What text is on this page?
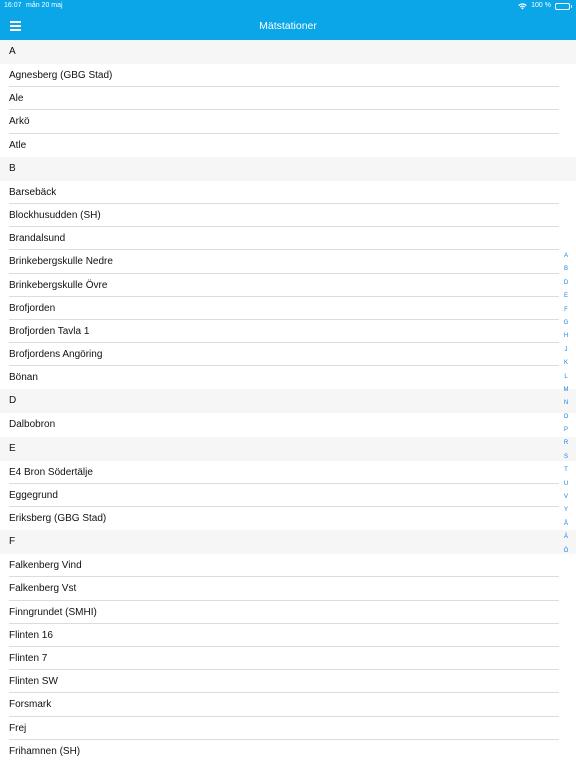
16:07 mån 20 maj	100 %
Mätstationer
A
Agnesberg (GBG Stad)
Ale
Arkö
Atle
B
Barsebäck
Blockhusudden (SH)
Brandalsund
Brinkebergskulle Nedre
Brinkebergskulle Övre
Brofjorden
Brofjorden Tavla 1
Brofjordens Angöring
Bönan
D
Dalbobron
E
E4 Bron Södertälje
Eggegrund
Eriksberg (GBG Stad)
F
Falkenberg Vind
Falkenberg Vst
Finngrundet (SMHI)
Flinten 16
Flinten 7
Flinten SW
Forsmark
Frej
Frihamnen (SH)
A
B
D
E
F
G
H
J
K
L
M
N
O
P
R
S
T
U
V
Y
Å
Ä
Ö
